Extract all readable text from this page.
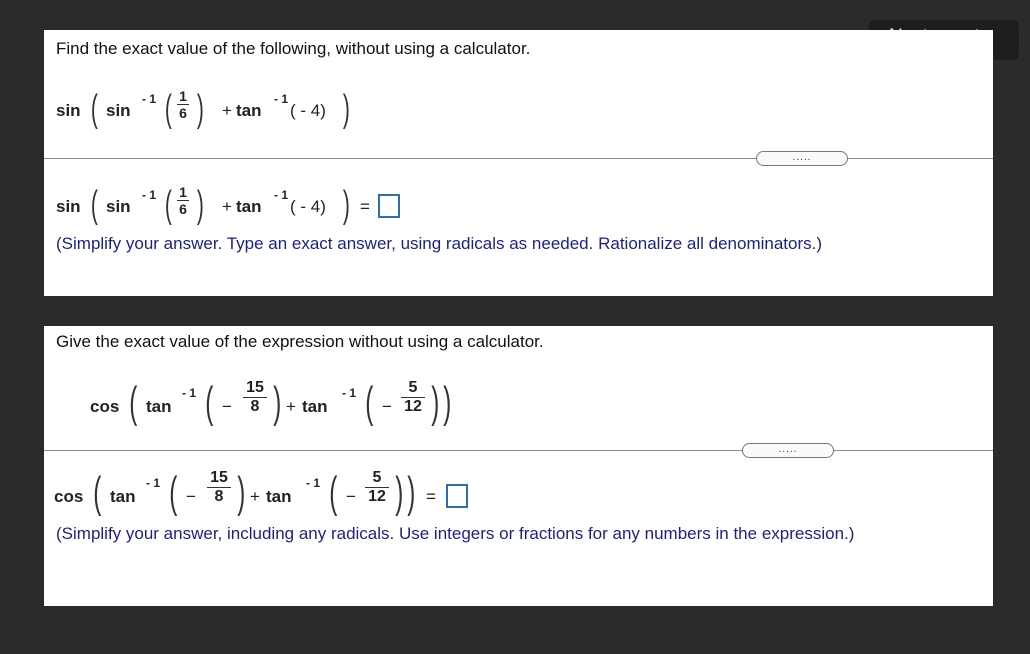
Find the exact value of the following, without using a calculator.
sin ( sin
- 1 ( 1
6 ) + tan
- 1
( - 4) )
.....
sin ( sin
- 1 ( 1
6 ) + tan
- 1
( - 4) ) =
(Simplify your answer. Type an exact answer, using radicals as needed. Rationalize all denominators.)
Give the exact value of the expression without using a calculator.
cos ( tan
- 1 ( −
15
8 ) + tan
- 1 ( −
5
12 ) )
.....
cos ( tan
- 1 ( −
15
8 ) + tan
- 1 ( −
5
12 ) ) =
(Simplify your answer, including any radicals. Use integers or fractions for any numbers in the expression.)
